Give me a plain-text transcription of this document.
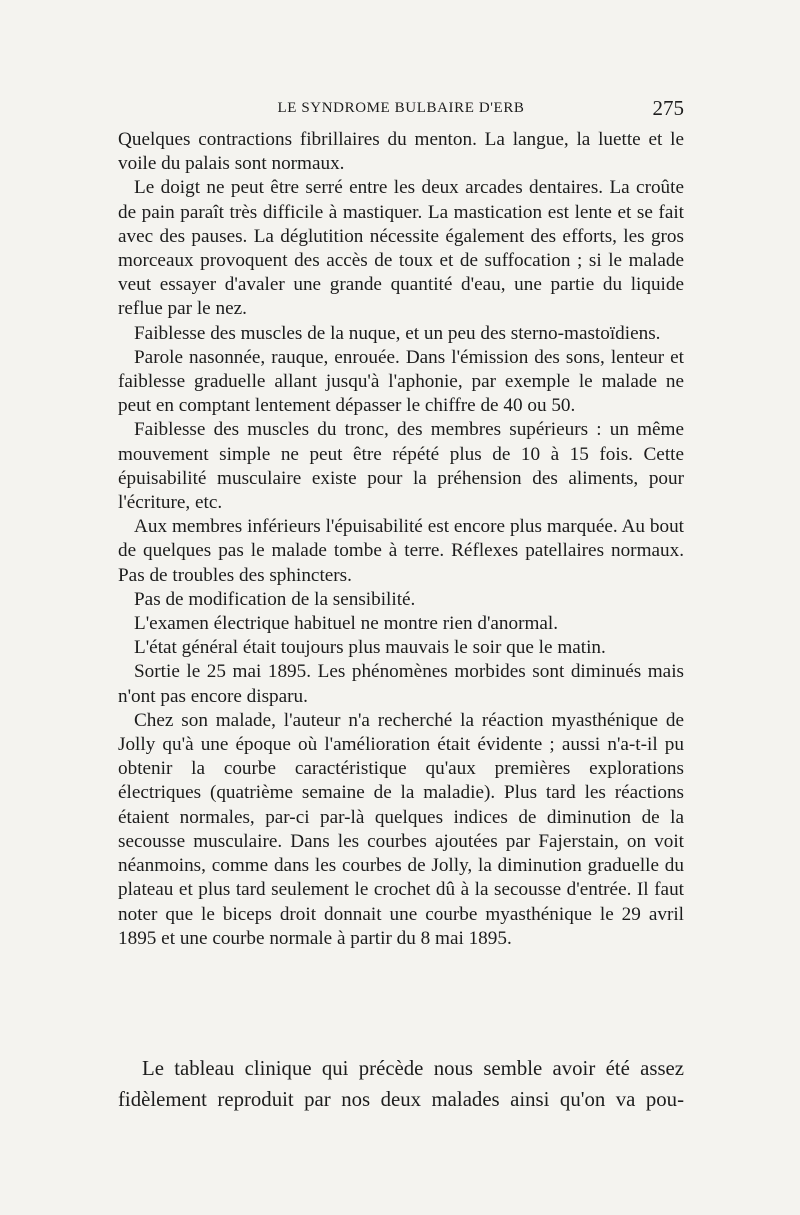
LE SYNDROME BULBAIRE D'ERB	275

Quelques contractions fibrillaires du menton. La langue, la luette et le voile du palais sont normaux.

Le doigt ne peut être serré entre les deux arcades dentaires. La croûte de pain paraît très difficile à mastiquer. La mastication est lente et se fait avec des pauses. La déglutition nécessite également des efforts, les gros morceaux provoquent des accès de toux et de suffocation ; si le malade veut essayer d'avaler une grande quantité d'eau, une partie du liquide reflue par le nez.

Faiblesse des muscles de la nuque, et un peu des sterno-mastoïdiens.

Parole nasonnée, rauque, enrouée. Dans l'émission des sons, lenteur et faiblesse graduelle allant jusqu'à l'aphonie, par exemple le malade ne peut en comptant lentement dépasser le chiffre de 40 ou 50.

Faiblesse des muscles du tronc, des membres supérieurs : un même mouvement simple ne peut être répété plus de 10 à 15 fois. Cette épuisabilité musculaire existe pour la préhension des aliments, pour l'écriture, etc.

Aux membres inférieurs l'épuisabilité est encore plus marquée. Au bout de quelques pas le malade tombe à terre. Réflexes patellaires normaux. Pas de troubles des sphincters.

Pas de modification de la sensibilité.

L'examen électrique habituel ne montre rien d'anormal.

L'état général était toujours plus mauvais le soir que le matin.

Sortie le 25 mai 1895. Les phénomènes morbides sont diminués mais n'ont pas encore disparu.

Chez son malade, l'auteur n'a recherché la réaction myasthénique de Jolly qu'à une époque où l'amélioration était évidente ; aussi n'a-t-il pu obtenir la courbe caractéristique qu'aux premières explorations électriques (quatrième semaine de la maladie). Plus tard les réactions étaient normales, par-ci par-là quelques indices de diminution de la secousse musculaire. Dans les courbes ajoutées par Fajerstain, on voit néanmoins, comme dans les courbes de Jolly, la diminution graduelle du plateau et plus tard seulement le crochet dû à la secousse d'entrée. Il faut noter que le biceps droit donnait une courbe myasthénique le 29 avril 1895 et une courbe normale à partir du 8 mai 1895.

Le tableau clinique qui précède nous semble avoir été assez fidèlement reproduit par nos deux malades ainsi qu'on va pou-
